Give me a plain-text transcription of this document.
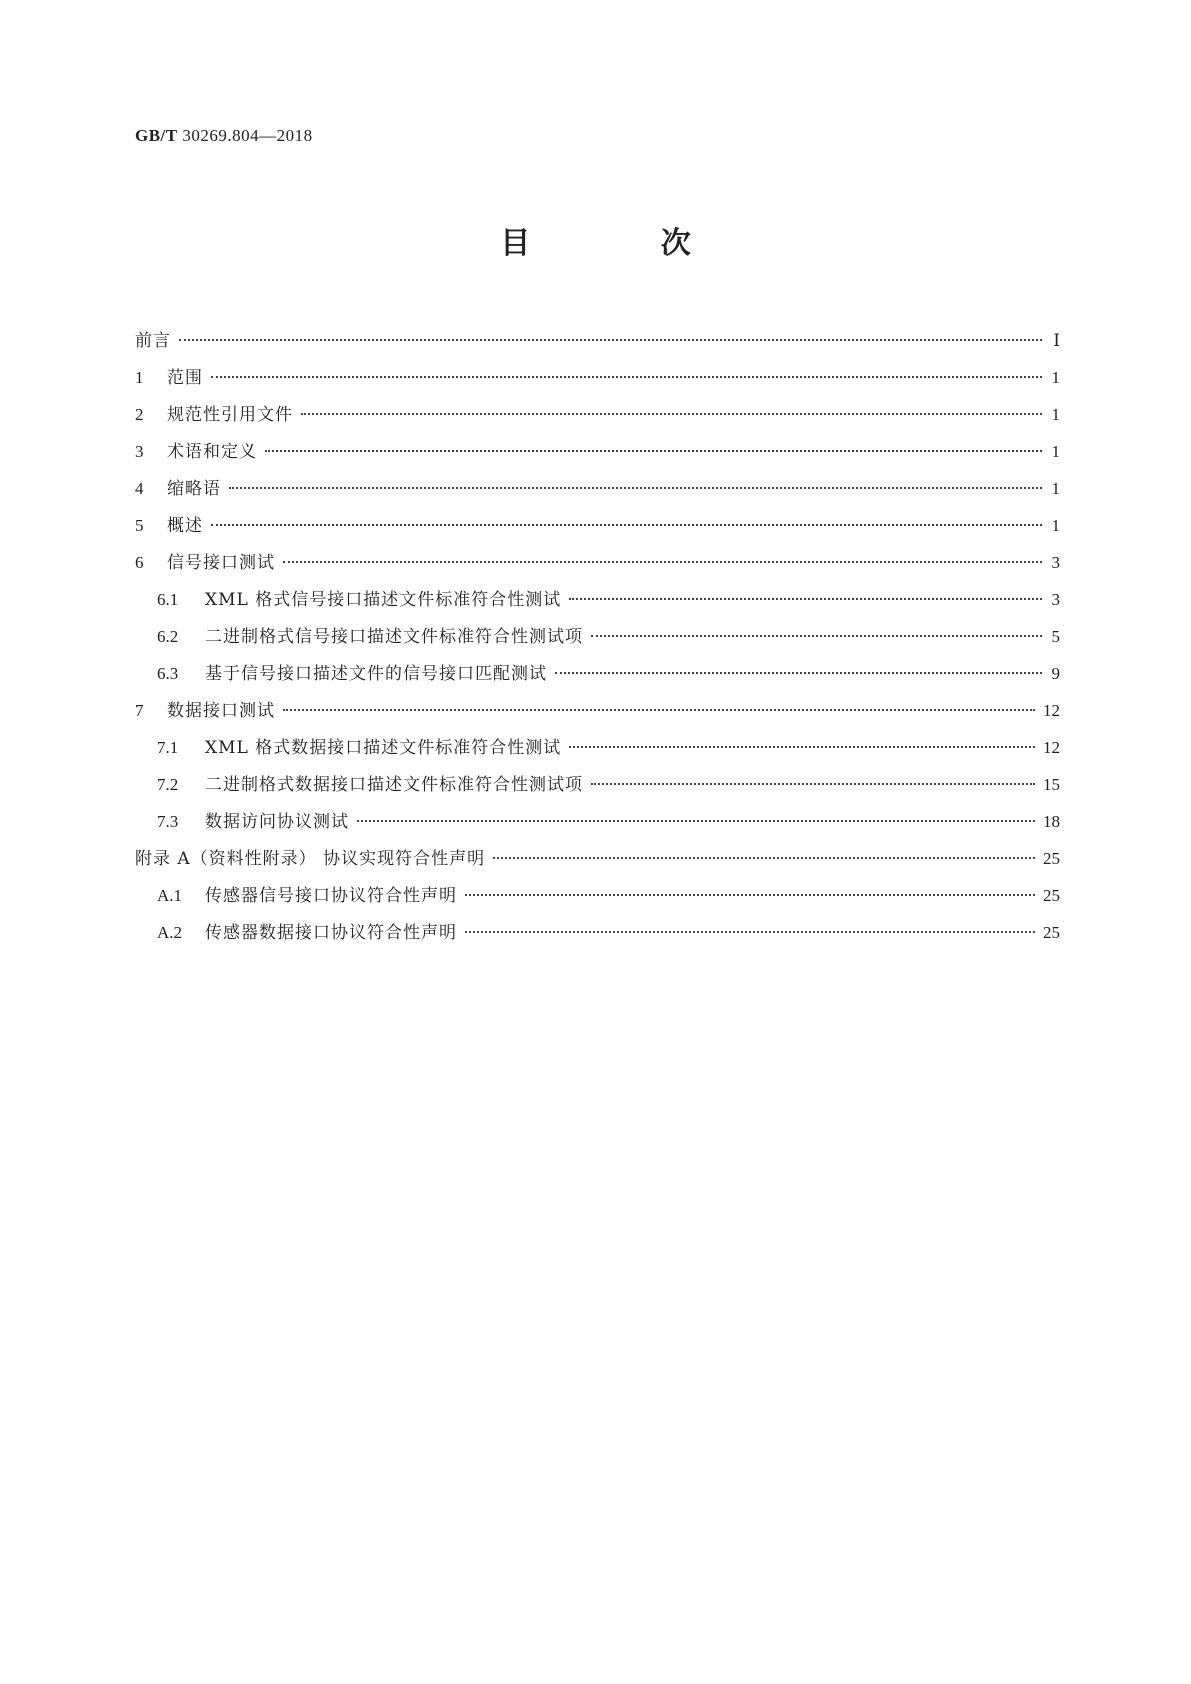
GB/T 30269.804—2018
目 次
前言	Ⅰ
1	范围	1
2	规范性引用文件	1
3	术语和定义	1
4	缩略语	1
5	概述	1
6	信号接口测试	3
6.1	XML 格式信号接口描述文件标准符合性测试	3
6.2	二进制格式信号接口描述文件标准符合性测试项	5
6.3	基于信号接口描述文件的信号接口匹配测试	9
7	数据接口测试	12
7.1	XML 格式数据接口描述文件标准符合性测试	12
7.2	二进制格式数据接口描述文件标准符合性测试项	15
7.3	数据访问协议测试	18
附录 A（资料性附录） 协议实现符合性声明	25
A.1	传感器信号接口协议符合性声明	25
A.2	传感器数据接口协议符合性声明	25
